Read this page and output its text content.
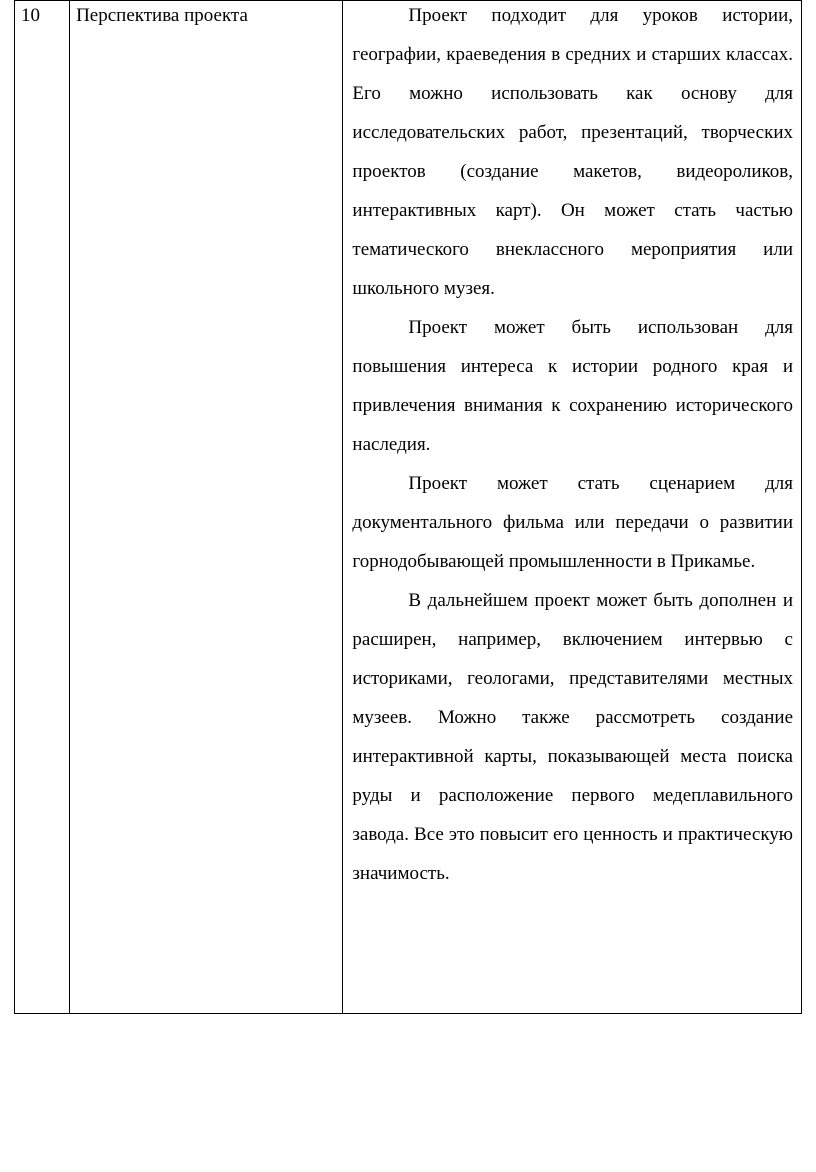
10	Перспектива проекта	Проект подходит для уроков истории, географии, краеведения в средних и старших классах. Его можно использовать как основу для исследовательских работ, презентаций, творческих проектов (создание макетов, видеороликов, интерактивных карт). Он может стать частью тематического внеклассного мероприятия или школьного музея.

Проект может быть использован для повышения интереса к истории родного края и привлечения внимания к сохранению исторического наследия.

Проект может стать сценарием для документального фильма или передачи о развитии горнодобывающей промышленности в Прикамье.

В дальнейшем проект может быть дополнен и расширен, например, включением интервью с историками, геологами, представителями местных музеев. Можно также рассмотреть создание интерактивной карты, показывающей места поиска руды и расположение первого медеплавильного завода. Все это повысит его ценность и практическую значимость.
